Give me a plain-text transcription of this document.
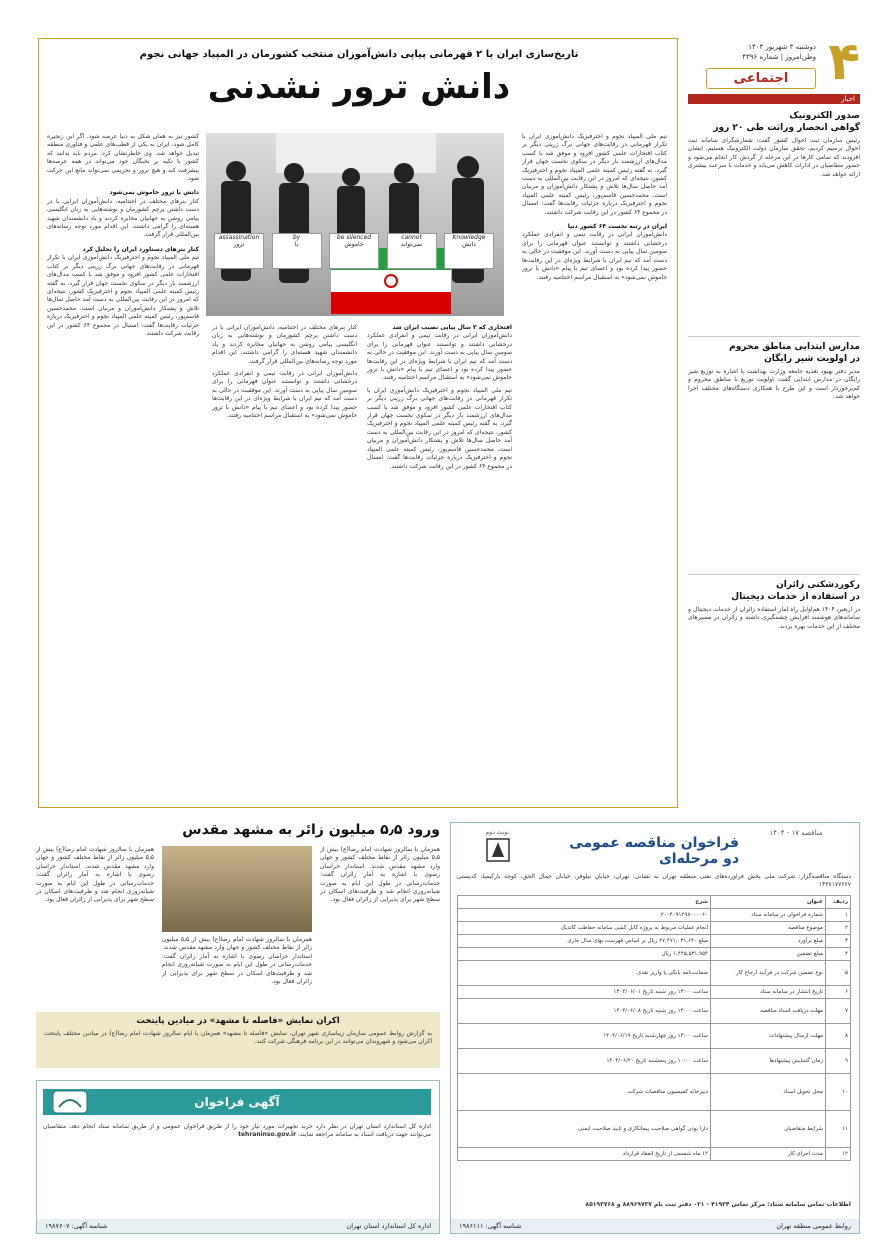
۴
دوشنبه ۳ شهریور ۱۴۰۴
وطن‌امروز | شماره ۴۳۹۶
اجتماعی
اخبار
صدور الکترونیک
گواهی انحصار وراثت طی ۲۰ روز
رئیس سازمان ثبت احوال کشور گفت: شمارشگرای سامانه ثبت احوال ترسیم کردیم، تحقق سازمان دولت الکترونیک هستیم. ایشان افزودند که تمامی کارها در این مرحله از گردش کار انجام می‌شود و حضور متقاضیان در ادارات کاهش می‌یابد و خدمات با سرعت بیشتری ارائه خواهد شد.
مدارس ابتدایی مناطق محروم
در اولویت شیر رایگان
مدیر دفتر بهبود تغذیه جامعه وزارت بهداشت با اشاره به توزیع شیر رایگان در مدارس ابتدایی گفت: اولویت توزیع با مناطق محروم و کم‌برخوردار است و این طرح با همکاری دستگاه‌های مختلف اجرا خواهد شد.
رکوردشکنی زائران
در استفاده از خدمات دیجیتال
در اربعین ۱۴۰۴ هم‌اوایل راه آمار استفاده زائران از خدمات دیجیتال و سامانه‌های هوشمند افزایش چشمگیری داشته و زائران در مسیرهای مختلف از این خدمات بهره بردند.
تاریخ‌سازی ایران با ۲ قهرمانی پیاپی دانش‌آموزان منتخب کشورمان در المپیاد جهانی نجوم
دانش ترور نشدنی
Knowledge
دانش
cannot
نمی‌تواند
be silenced
خاموش
by
با
assassination
ترور
تیم ملی المپیاد نجوم و اخترفیزیک دانش‌آموزی ایران با تکرار قهرمانی در رقابت‌های جهانی برگ زرینی دیگر بر کتاب افتخارات علمی کشور افزود و موفق شد با کسب مدال‌های ارزشمند بار دیگر در سکوی نخست جهان قرار گیرد. به گفته رئیس کمیته علمی المپیاد نجوم و اخترفیزیک کشور، نتیجه‌ای که امروز در این رقابت بین‌المللی به دست آمد حاصل سال‌ها تلاش و پشتکار دانش‌آموزان و مربیان است. محمدحسین قاسم‌پور، رئیس کمیته علمی المپیاد نجوم و اخترفیزیک درباره جزئیات رقابت‌ها گفت: امسال در مجموع ۶۴ کشور در این رقابت شرکت داشتند.
ایران در رتبه نخست ۶۴ کشور دنیا
دانش‌آموزان ایرانی در رقابت تیمی و انفرادی عملکرد درخشانی داشتند و توانستند عنوان قهرمانی را برای سومین سال پیاپی به دست آورند. این موفقیت در حالی به دست آمد که تیم ایران با شرایط ویژه‌ای در این رقابت‌ها حضور پیدا کرده بود و اعضای تیم با پیام «دانش با ترور خاموش نمی‌شود» به استقبال مراسم اختتامیه رفتند.
افتخاری که ۳ سال پیاپی نصیب ایران شد
دانش‌آموزان ایرانی در رقابت تیمی و انفرادی عملکرد درخشانی داشتند و توانستند عنوان قهرمانی را برای سومین سال پیاپی به دست آورند. این موفقیت در حالی به دست آمد که تیم ایران با شرایط ویژه‌ای در این رقابت‌ها حضور پیدا کرده بود و اعضای تیم با پیام «دانش با ترور خاموش نمی‌شود» به استقبال مراسم اختتامیه رفتند.
تیم ملی المپیاد نجوم و اخترفیزیک دانش‌آموزی ایران با تکرار قهرمانی در رقابت‌های جهانی برگ زرینی دیگر بر کتاب افتخارات علمی کشور افزود و موفق شد با کسب مدال‌های ارزشمند بار دیگر در سکوی نخست جهان قرار گیرد. به گفته رئیس کمیته علمی المپیاد نجوم و اخترفیزیک کشور، نتیجه‌ای که امروز در این رقابت بین‌المللی به دست آمد حاصل سال‌ها تلاش و پشتکار دانش‌آموزان و مربیان است. محمدحسین قاسم‌پور، رئیس کمیته علمی المپیاد نجوم و اخترفیزیک درباره جزئیات رقابت‌ها گفت: امسال در مجموع ۶۴ کشور در این رقابت شرکت داشتند.
کنار بنرهای مختلف در اختتامیه، دانش‌آموزان ایرانی با در دست داشتن پرچم کشورمان و نوشته‌هایی به زبان انگلیسی پیامی روشن به جهانیان مخابره کردند و یاد دانشمندان شهید هسته‌ای را گرامی داشتند. این اقدام مورد توجه رسانه‌های بین‌المللی قرار گرفت.
دانش‌آموزان ایرانی در رقابت تیمی و انفرادی عملکرد درخشانی داشتند و توانستند عنوان قهرمانی را برای سومین سال پیاپی به دست آورند. این موفقیت در حالی به دست آمد که تیم ایران با شرایط ویژه‌ای در این رقابت‌ها حضور پیدا کرده بود و اعضای تیم با پیام «دانش با ترور خاموش نمی‌شود» به استقبال مراسم اختتامیه رفتند.
کشور نیز به همان شکل به دنیا عرضه شود. اگر این زنجیره کامل شود، ایران به یکی از قطب‌های علمی و فناوری منطقه تبدیل خواهد شد. وی خاطرنشان کرد: مردم باید بدانند که کشور با تکیه بر نخبگان خود می‌تواند در همه عرصه‌ها پیشرفت کند و هیچ ترور و تحریمی نمی‌تواند مانع این حرکت شود.
دانش با ترور خاموش نمی‌شود
کنار بنرهای مختلف در اختتامیه، دانش‌آموزان ایرانی با در دست داشتن پرچم کشورمان و نوشته‌هایی به زبان انگلیسی پیامی روشن به جهانیان مخابره کردند و یاد دانشمندان شهید هسته‌ای را گرامی داشتند. این اقدام مورد توجه رسانه‌های بین‌المللی قرار گرفت.
کنار بنرهای دستاورد ایران را تحلیل کرد
تیم ملی المپیاد نجوم و اخترفیزیک دانش‌آموزی ایران با تکرار قهرمانی در رقابت‌های جهانی برگ زرینی دیگر بر کتاب افتخارات علمی کشور افزود و موفق شد با کسب مدال‌های ارزشمند بار دیگر در سکوی نخست جهان قرار گیرد. به گفته رئیس کمیته علمی المپیاد نجوم و اخترفیزیک کشور، نتیجه‌ای که امروز در این رقابت بین‌المللی به دست آمد حاصل سال‌ها تلاش و پشتکار دانش‌آموزان و مربیان است. محمدحسین قاسم‌پور، رئیس کمیته علمی المپیاد نجوم و اخترفیزیک درباره جزئیات رقابت‌ها گفت: امسال در مجموع ۶۴ کشور در این رقابت شرکت داشتند.
فراخوان مناقصه عمومی دو مرحله‌ای
مناقصه ۱۷ - ۱۴۰۴
نوبت دوم
دستگاه مناقصه‌گزار: شرکت ملی پخش فرآورده‌های نفتی منطقه تهران به نشانی: تهران، خیابان نیلوفر، خیابان جمال الحق، کوچه بارکیمیا، کدپستی ۱۴۳۸۱۷۷۶۶۷
ردیف	عنوان	شرح
۱	شماره فراخوان در سامانه ستاد	۲۰۰۴۰۹۱۲۹۸۰۰۰۰۶۰
۲	موضوع مناقصه	انجام عملیات مربوط به پروژه کابل کشی سامانه حفاظت کاتدیک
۳	مبلغ برآورد	مبلغ ۲۷,۴۷۱,۰۳۱,۶۴۰ ریال بر اساس فهرست بهای سال جاری
۴	مبلغ تضمین	۱,۴۴۵,۵۳۱,۹۵۴ ریال
۵	نوع تضمین شرکت در فرآیند ارجاع کار	ضمانت‌نامه بانکی یا واریز نقدی
۶	تاریخ انتشار در سامانه ستاد	ساعت ۱۴:۰۰ روز شنبه تاریخ ۱۴۰۴/۰۶/۰۱
۷	مهلت دریافت اسناد مناقصه	ساعت ۱۴:۰۰ روز شنبه تاریخ ۱۴۰۴/۰۶/۰۸
۸	مهلت ارسال پیشنهادات	ساعت ۱۴:۰۰ روز چهارشنبه تاریخ ۱۴۰۴/۰۶/۱۹
۹	زمان گشایش پیشنهادها	ساعت ۱۰:۰۰ روز پنجشنبه تاریخ ۱۴۰۴/۰۶/۲۰
۱۰	محل تحویل اسناد	دبیرخانه کمیسیون مناقصات شرکت
۱۱	شرایط متقاضیان	دارا بودن گواهی صلاحیت پیمانکاری و تایید صلاحیت ایمنی
۱۲	مدت اجرای کار	۱۲ ماه شمسی از تاریخ انعقاد قرارداد
اطلاعات تماس سامانه ستاد: مرکز تماس ۴۱۹۳۴ - ۰۲۱ دفتر ثبت نام ۸۸۹۶۹۷۳۷ و ۸۵۱۹۳۷۶۸
روابط عمومی منطقه تهران
شناسه آگهی: ۱۹۸۶۱۱۱
ورود ۵٫۵ میلیون زائر به مشهد مقدس
همزمان با سالروز شهادت امام رضا(ع) بیش از ۵٫۵ میلیون زائر از نقاط مختلف کشور و جهان وارد مشهد مقدس شدند. استاندار خراسان رضوی با اشاره به آمار زائران گفت: خدمات‌رسانی در طول این ایام به صورت شبانه‌روزی انجام شد و ظرفیت‌های اسکان در سطح شهر برای پذیرایی از زائران فعال بود.
همزمان با سالروز شهادت امام رضا(ع) بیش از ۵٫۵ میلیون زائر از نقاط مختلف کشور و جهان وارد مشهد مقدس شدند. استاندار خراسان رضوی با اشاره به آمار زائران گفت: خدمات‌رسانی در طول این ایام به صورت شبانه‌روزی انجام شد و ظرفیت‌های اسکان در سطح شهر برای پذیرایی از زائران فعال بود.
همزمان با سالروز شهادت امام رضا(ع) بیش از ۵٫۵ میلیون زائر از نقاط مختلف کشور و جهان وارد مشهد مقدس شدند. استاندار خراسان رضوی با اشاره به آمار زائران گفت: خدمات‌رسانی در طول این ایام به صورت شبانه‌روزی انجام شد و ظرفیت‌های اسکان در سطح شهر برای پذیرایی از زائران فعال بود.
اکران نمایش «فاصله تا مشهد» در میادین پایتخت
به گزارش روابط عمومی سازمان زیباسازی شهر تهران، نمایش «فاصله تا مشهد» همزمان با ایام سالروز شهادت امام رضا(ع) در میادین مختلف پایتخت اکران می‌شود و شهروندان می‌توانند در این برنامه فرهنگی شرکت کنند.
آگهی فراخوان
اداره کل استاندارد استان تهران در نظر دارد خرید تجهیزات مورد نیاز خود را از طریق فراخوان عمومی و از طریق سامانه ستاد انجام دهد. متقاضیان می‌توانند جهت دریافت اسناد به سامانه مراجعه نمایند. tehraninso.gov.ir
اداره کل استاندارد استان تهران
شناسه آگهی: ۱۹۸۷۶۰۷
